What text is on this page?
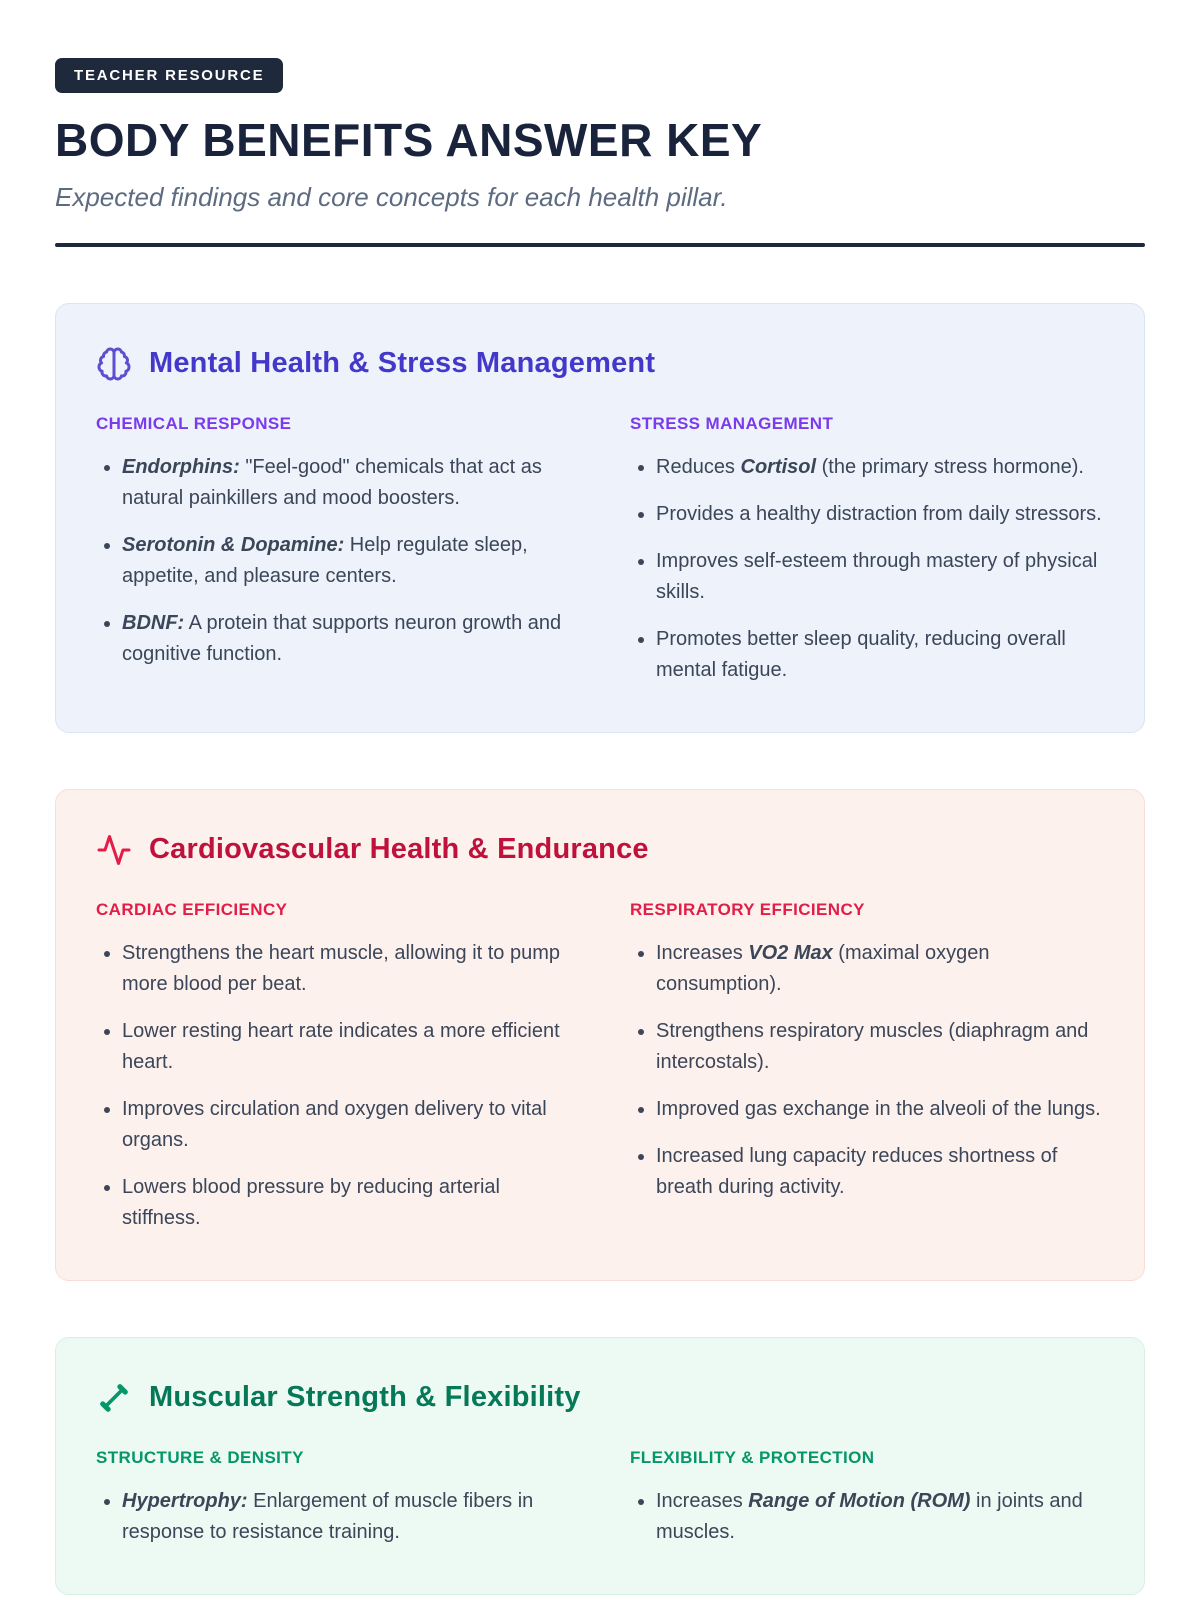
TEACHER RESOURCE
BODY BENEFITS ANSWER KEY
Expected findings and core concepts for each health pillar.
Mental Health & Stress Management
CHEMICAL RESPONSE
• Endorphins: "Feel-good" chemicals that act as natural painkillers and mood boosters.
• Serotonin & Dopamine: Help regulate sleep, appetite, and pleasure centers.
• BDNF: A protein that supports neuron growth and cognitive function.
STRESS MANAGEMENT
• Reduces Cortisol (the primary stress hormone).
• Provides a healthy distraction from daily stressors.
• Improves self-esteem through mastery of physical skills.
• Promotes better sleep quality, reducing overall mental fatigue.
Cardiovascular Health & Endurance
CARDIAC EFFICIENCY
• Strengthens the heart muscle, allowing it to pump more blood per beat.
• Lower resting heart rate indicates a more efficient heart.
• Improves circulation and oxygen delivery to vital organs.
• Lowers blood pressure by reducing arterial stiffness.
RESPIRATORY EFFICIENCY
• Increases VO2 Max (maximal oxygen consumption).
• Strengthens respiratory muscles (diaphragm and intercostals).
• Improved gas exchange in the alveoli of the lungs.
• Increased lung capacity reduces shortness of breath during activity.
Muscular Strength & Flexibility
STRUCTURE & DENSITY
• Hypertrophy: Enlargement of muscle fibers in response to resistance training.
FLEXIBILITY & PROTECTION
• Increases Range of Motion (ROM) in joints and muscles.
